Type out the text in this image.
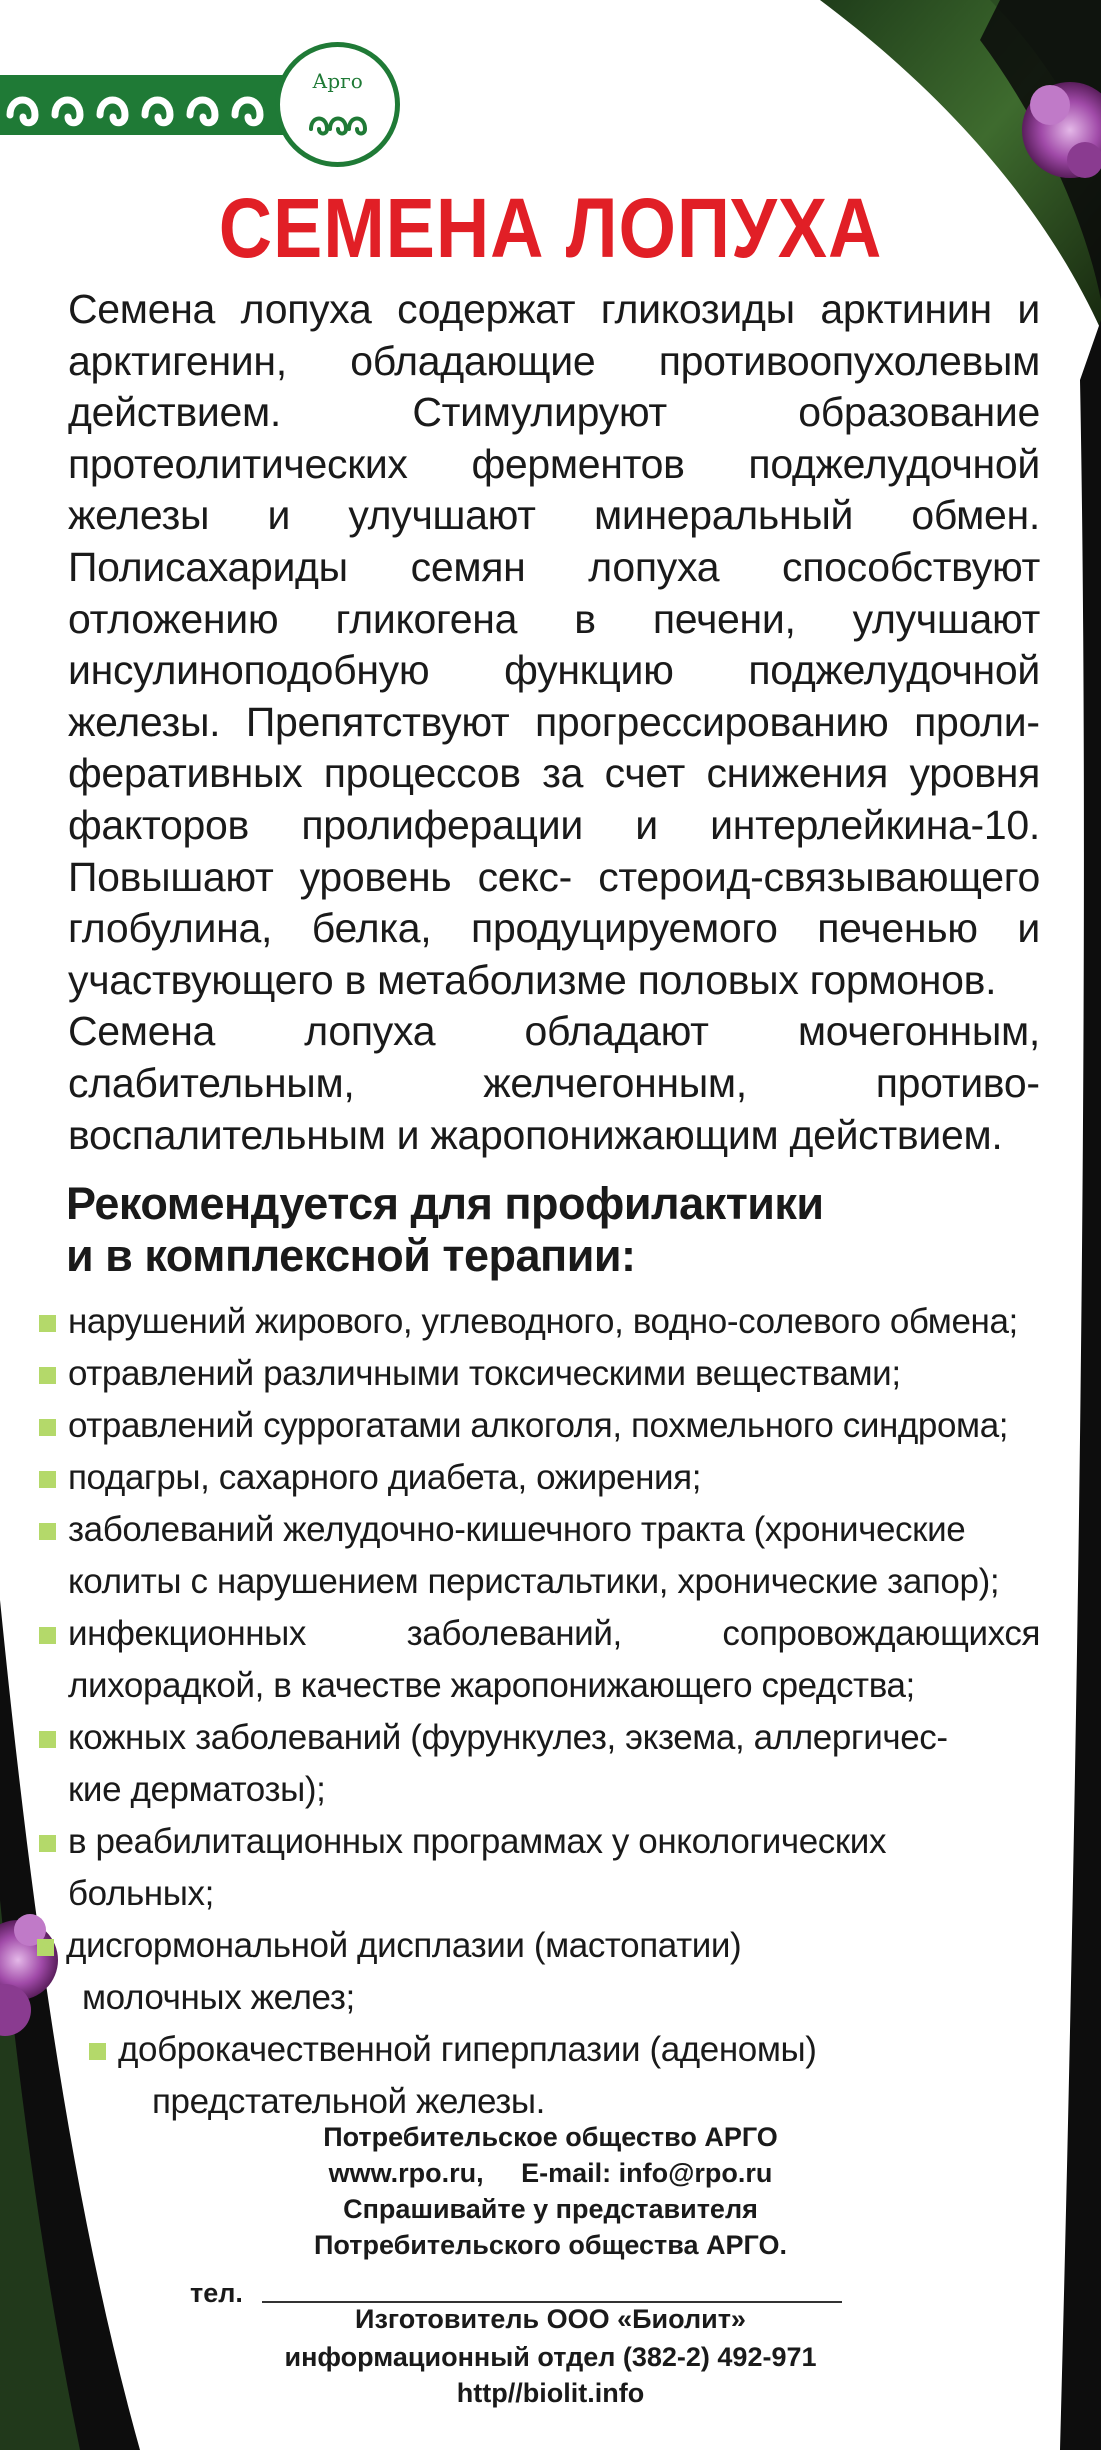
Арго
СЕМЕНА ЛОПУХА

Семена лопуха содержат гликозиды арктинин и арктигенин, обладающие противоопухолевым действием. Стимулируют образование протеолитических ферментов поджелудочной железы и улучшают минеральный обмен. Полисахариды семян лопуха способствуют отложению гликогена в печени, улучшают инсулиноподобную функцию поджелудочной железы. Препятствуют прогрессированию пролиферативных процессов за счет снижения уровня факторов пролиферации и интерлейкина-10. Повышают уровень секс- стероид-связывающего глобулина, белка, продуцируемого печенью и участвующего в метаболизме половых гормонов.

Семена лопуха обладают мочегонным, слабительным, желчегонным, противовоспалительным и жаропонижающим действием.

Рекомендуется для профилактики
и в комплексной терапии:
нарушений жирового, углеводного, водно-солевого обмена;
отравлений различными токсическими веществами;
отравлений суррогатами алкоголя, похмельного синдрома;
подагры, сахарного диабета, ожирения;
заболеваний желудочно-кишечного тракта (хронические
колиты с нарушением перистальтики, хронические запор);
инфекционных заболеваний, сопровождающихся
лихорадкой, в качестве жаропонижающего средства;
кожных заболеваний (фурункулез, экзема, аллергичес-
кие дерматозы);
в реабилитационных программах у онкологических
больных;
дисгормональной дисплазии (мастопатии)
молочных желез;
доброкачественной гиперплазии (аденомы)
предстательной железы.
Потребительское общество АРГО
www.rpo.ru, E-mail: info@rpo.ru
Спрашивайте у представителя
Потребительского общества АРГО.
тел.
Изготовитель ООО «Биолит»
информационный отдел (382-2) 492-971
http//biolit.info
